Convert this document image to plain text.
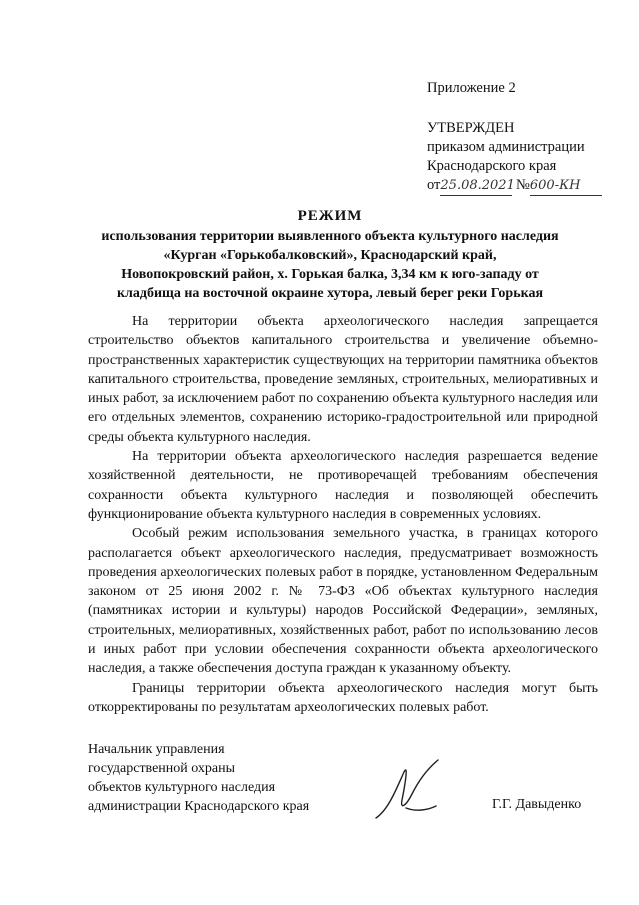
Приложение 2
УТВЕРЖДЕН
приказом администрации
Краснодарского края
от25.08.2021 №600-КН
РЕЖИМ
использования территории выявленного объекта культурного наследия
«Курган «Горькобалковский», Краснодарский край,
Новопокровский район, х. Горькая балка, 3,34 км к юго-западу от
кладбища на восточной окраине хутора, левый берег реки Горькая

На территории объекта археологического наследия запрещается строительство объектов капитального строительства и увеличение объемно-пространственных характеристик существующих на территории памятника объектов капитального строительства, проведение земляных, строительных, мелиоративных и иных работ, за исключением работ по сохранению объекта культурного наследия или его отдельных элементов, сохранению историко-градостроительной или природной среды объекта культурного наследия.

На территории объекта археологического наследия разрешается ведение хозяйственной деятельности, не противоречащей требованиям обеспечения сохранности объекта культурного наследия и позволяющей обеспечить функционирование объекта культурного наследия в современных условиях.

Особый режим использования земельного участка, в границах которого располагается объект археологического наследия, предусматривает возможность проведения археологических полевых работ в порядке, установленном Федеральным законом от 25 июня 2002 г. № 73-ФЗ «Об объектах культурного наследия (памятниках истории и культуры) народов Российской Федерации», земляных, строительных, мелиоративных, хозяйственных работ, работ по использованию лесов и иных работ при условии обеспечения сохранности объекта археологического наследия, а также обеспечения доступа граждан к указанному объекту.

Границы территории объекта археологического наследия могут быть откорректированы по результатам археологических полевых работ.

Начальник управления
государственной охраны
объектов культурного наследия
администрации Краснодарского края	Г.Г. Давыденко
